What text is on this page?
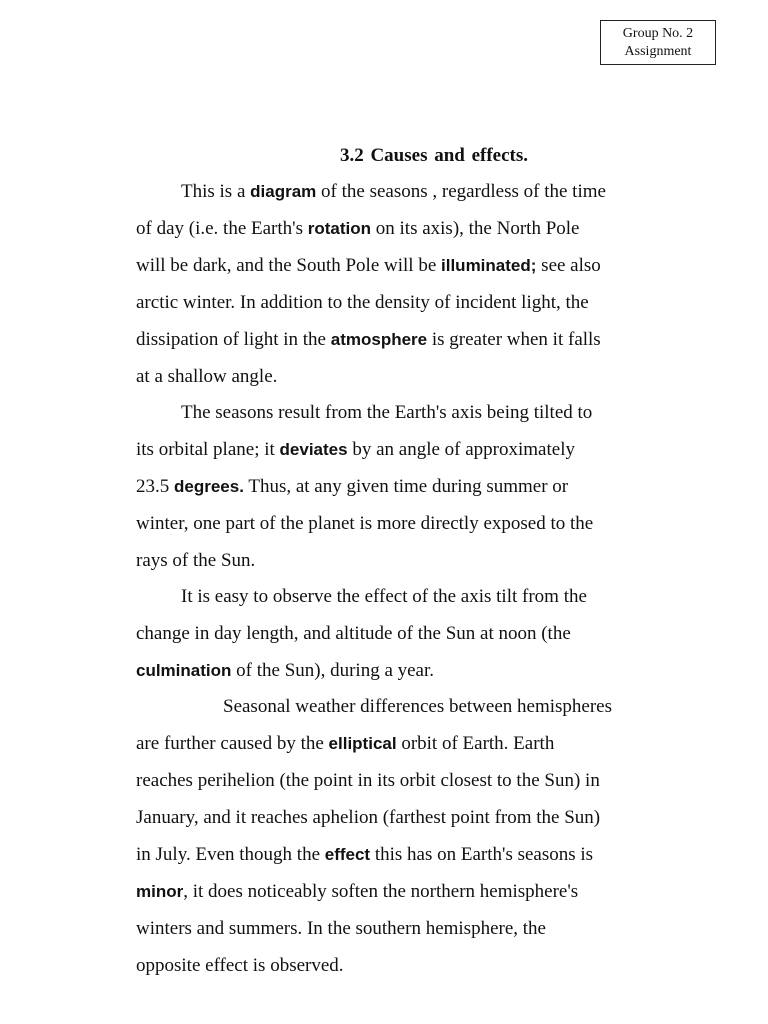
Group No. 2
Assignment
3.2 Causes and effects.

This is a diagram of the seasons , regardless of the time

of day (i.e. the Earth's rotation on its axis), the North Pole

will be dark, and the South Pole will be illuminated; see also

arctic winter. In addition to the density of incident light, the

dissipation of light in the atmosphere is greater when it falls

at a shallow angle.

The seasons result from the Earth's axis being tilted to

its orbital plane; it deviates by an angle of approximately

23.5 degrees. Thus, at any given time during summer or

winter, one part of the planet is more directly exposed to the

rays of the Sun.

It is easy to observe the effect of the axis tilt from the

change in day length, and altitude of the Sun at noon (the

culmination of the Sun), during a year.

Seasonal weather differences between hemispheres

are further caused by the elliptical orbit of Earth. Earth

reaches perihelion (the point in its orbit closest to the Sun) in

January, and it reaches aphelion (farthest point from the Sun)

in July. Even though the effect this has on Earth's seasons is

minor, it does noticeably soften the northern hemisphere's

winters and summers. In the southern hemisphere, the

opposite effect is observed.
